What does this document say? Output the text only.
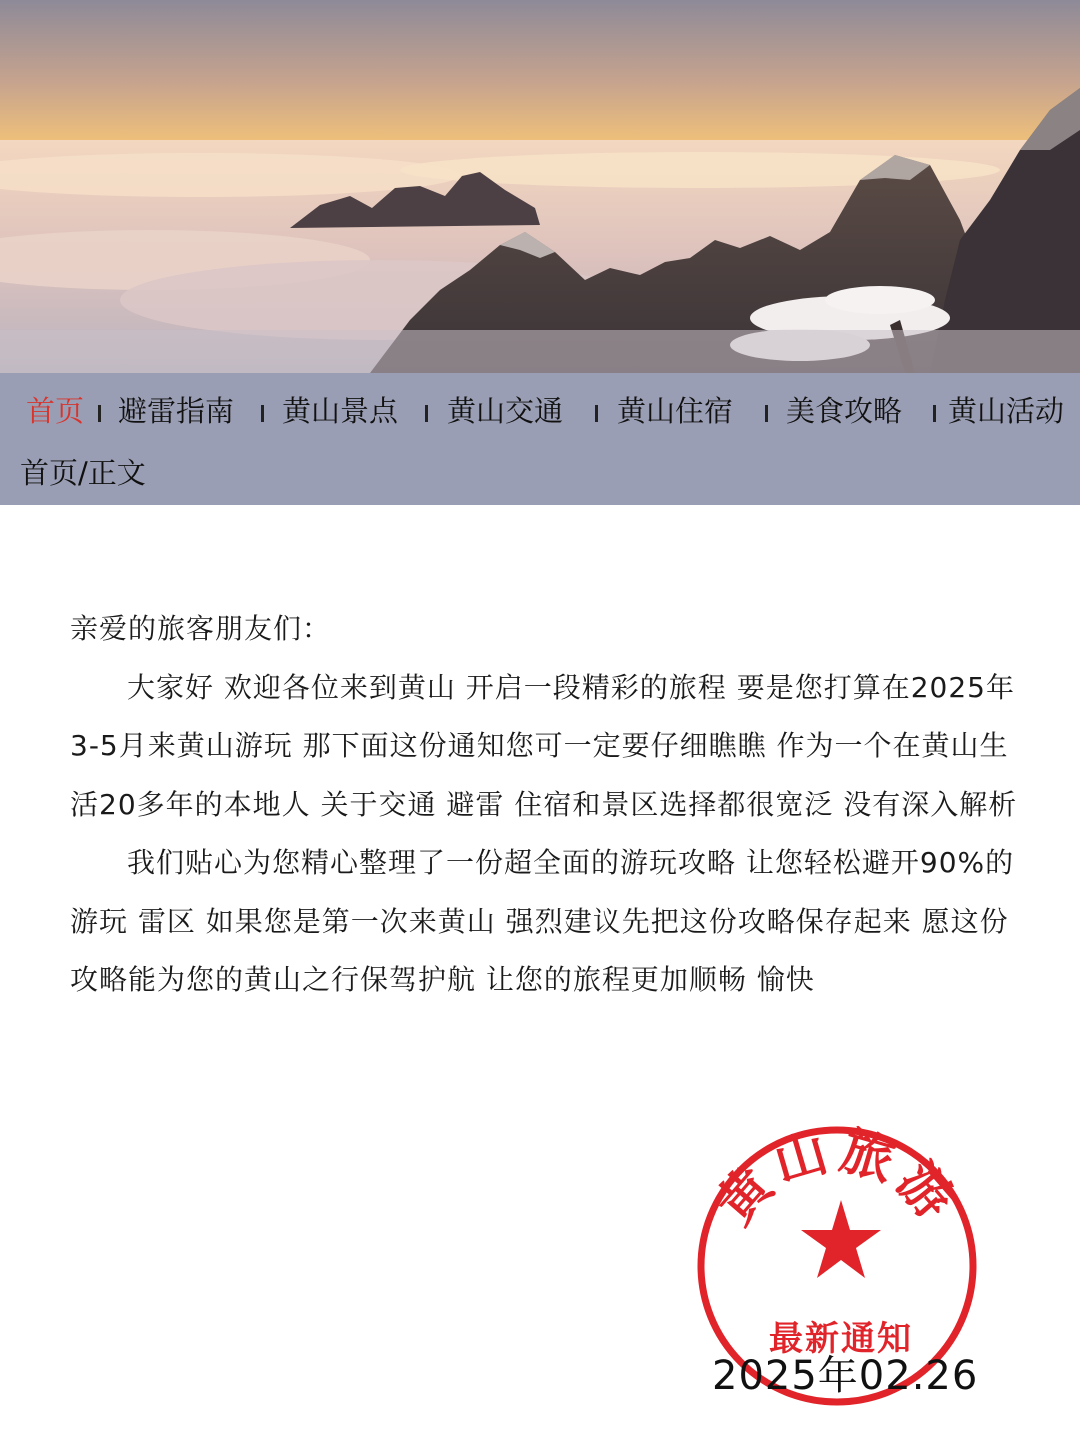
首页 避雷指南 黄山景点 黄山交通 黄山住宿 美食攻略 黄山活动
首页/正文

亲爱的旅客朋友们：

大家好 欢迎各位来到黄山 开启一段精彩的旅程 要是您打算在2025年3-5月来黄山游玩 那下面这份通知您可一定要仔细瞧瞧 作为一个在黄山生活20多年的本地人 关于交通 避雷 住宿和景区选择都很宽泛 没有深入解析

我们贴心为您精心整理了一份超全面的游玩攻略 让您轻松避开90%的游玩 雷区 如果您是第一次来黄山 强烈建议先把这份攻略保存起来 愿这份攻略能为您的黄山之行保驾护航 让您的旅程更加顺畅 愉快

黄山旅游
最新通知
2025年02.26
